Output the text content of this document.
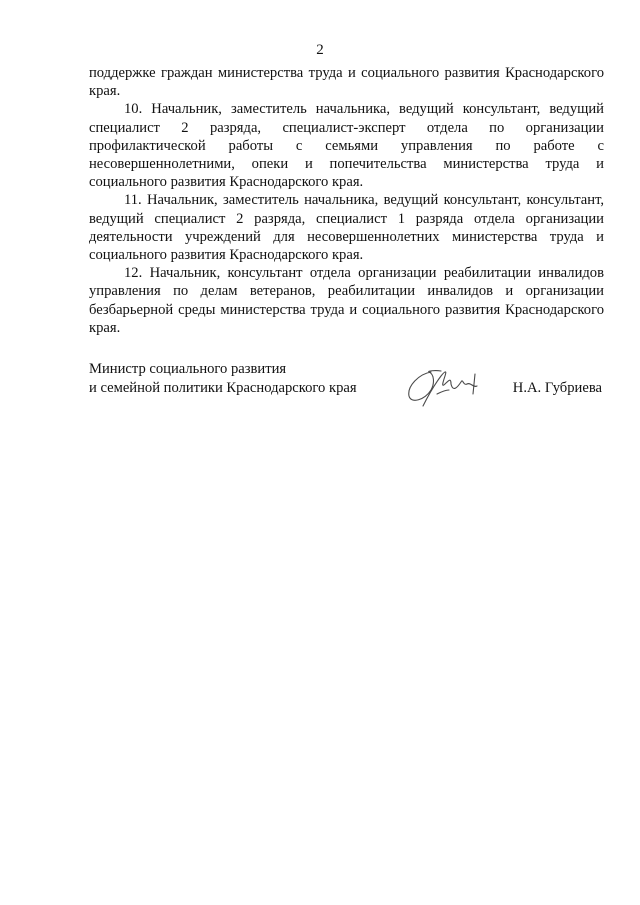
2

поддержке граждан министерства труда и социального развития Краснодарского края.

10. Начальник, заместитель начальника, ведущий консультант, ведущий специалист 2 разряда, специалист-эксперт отдела по организации профилактической работы с семьями управления по работе с несовершеннолетними, опеки и попечительства министерства труда и социального развития Краснодарского края.

11. Начальник, заместитель начальника, ведущий консультант, консультант, ведущий специалист 2 разряда, специалист 1 разряда отдела организации деятельности учреждений для несовершеннолетних министерства труда и социального развития Краснодарского края.

12. Начальник, консультант отдела организации реабилитации инвалидов управления по делам ветеранов, реабилитации инвалидов и организации безбарьерной среды министерства труда и социального развития Краснодарского края.

Министр социального развития
и семейной политики Краснодарского края	Н.А. Губриева
